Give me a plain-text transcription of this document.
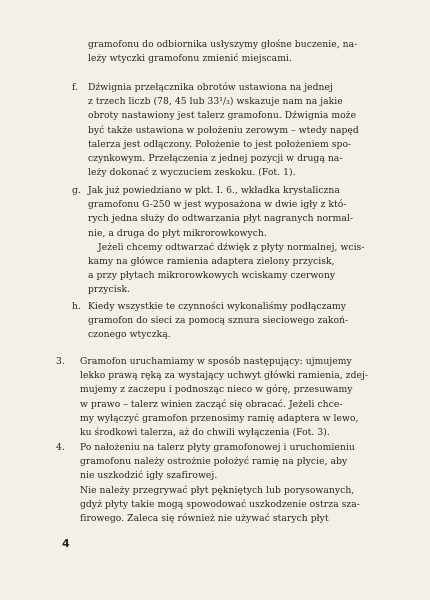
gramofonu do odbiornika usłyszymy głośne buczenie, na-
leży wtyczki gramofonu zmienić miejscami.
f. Dźwignia przełącznika obrotów ustawiona na jednej
z trzech liczb (78, 45 lub 33¹/₃) wskazuje nam na jakie
obroty nastawiony jest talerz gramofonu. Dźwignia może
być także ustawiona w położeniu zerowym – wtedy napęd
talerza jest odłączony. Położenie to jest położeniem spo-
czynkowym. Przełączenia z jednej pozycji w drugą na-
leży dokonać z wyczuciem zeskoku. (Fot. 1).
g. Jak już powiedziano w pkt. I. 6., wkładka krystaliczna
gramofonu G-250 w jest wyposażona w dwie igły z któ-
rych jedna służy do odtwarzania płyt nagranych normal-
nie, a druga do płyt mikrorowkowych.
Jeżeli chcemy odtwarzać dźwięk z płyty normalnej, wcis-
kamy na główce ramienia adaptera zielony przycisk,
a przy płytach mikrorowkowych wciskamy czerwony
przycisk.
h. Kiedy wszystkie te czynności wykonaliśmy podłączamy
gramofon do sieci za pomocą sznura sieciowego zakoń-
czonego wtyczką.
3. Gramofon uruchamiamy w sposób następujący: ujmujemy
lekko prawą ręką za wystający uchwyt główki ramienia, zdej-
mujemy z zaczepu i podnosząc nieco w górę, przesuwamy
w prawo – talerz winien zacząć się obracać. Jeżeli chce-
my wyłączyć gramofon przenosimy ramię adaptera w lewo,
ku środkowi talerza, aż do chwili wyłączenia (Fot. 3).
4. Po nałożeniu na talerz płyty gramofonowej i uruchomieniu
gramofonu należy ostrożnie położyć ramię na płycie, aby
nie uszkodzić igły szafirowej.
Nie należy przegrywać płyt pękniętych lub porysowanych,
gdyż płyty takie mogą spowodować uszkodzenie ostrza sza-
firowego. Zaleca się również nie używać starych płyt
4
